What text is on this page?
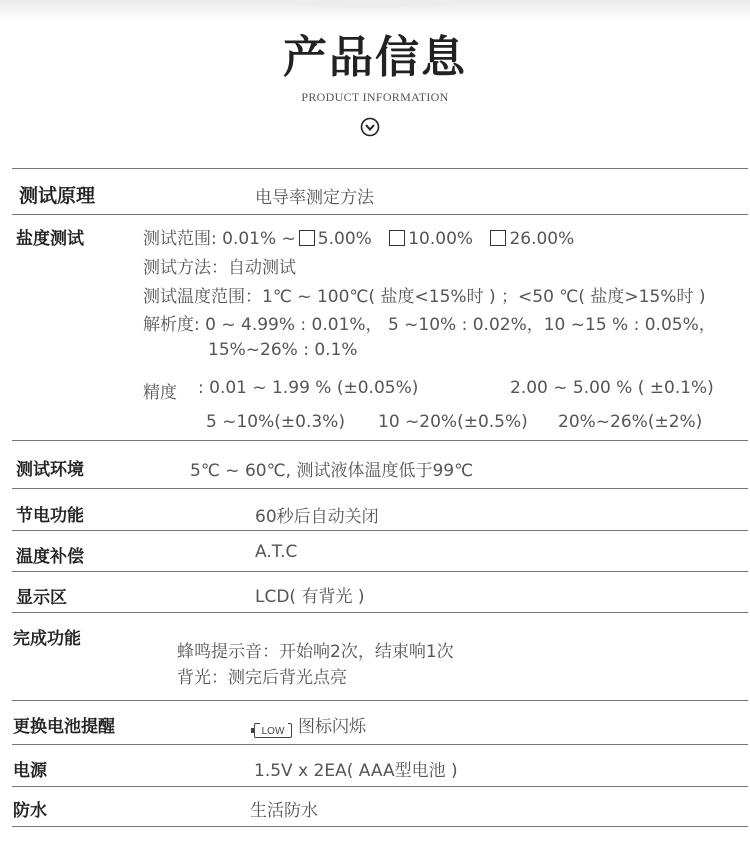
产品信息
PRODUCT INFORMATION
测试原理	电导率测定方法
盐度测试	测试范围: 0.01% ~ 5.00% 10.00% 26.00%
测试方法：自动测试
测试温度范围：1℃ ~ 100℃( 盐度<15%时 ) ；<50 ℃( 盐度>15%时 )
解析度: 0 ~ 4.99% : 0.01%， 5 ~10% : 0.02%，10 ~15 % : 0.05%，
15%~26% : 0.1%
精度 : 0.01 ~ 1.99 % (±0.05%)	2.00 ~ 5.00 % ( ±0.1%)
5 ~10%(±0.3%) 10 ~20%(±0.5%) 20%~26%(±2%)
测试环境	5℃ ~ 60℃, 测试液体温度低于99℃
节电功能	60秒后自动关闭
温度补偿	A.T.C
显示区	LCD( 有背光 )
完成功能
蜂鸣提示音：开始响2次，结束响1次
背光：测完后背光点亮
更换电池提醒	LOW 图标闪烁
电源	1.5V x 2EA( AAA型电池 )
防水	生活防水
